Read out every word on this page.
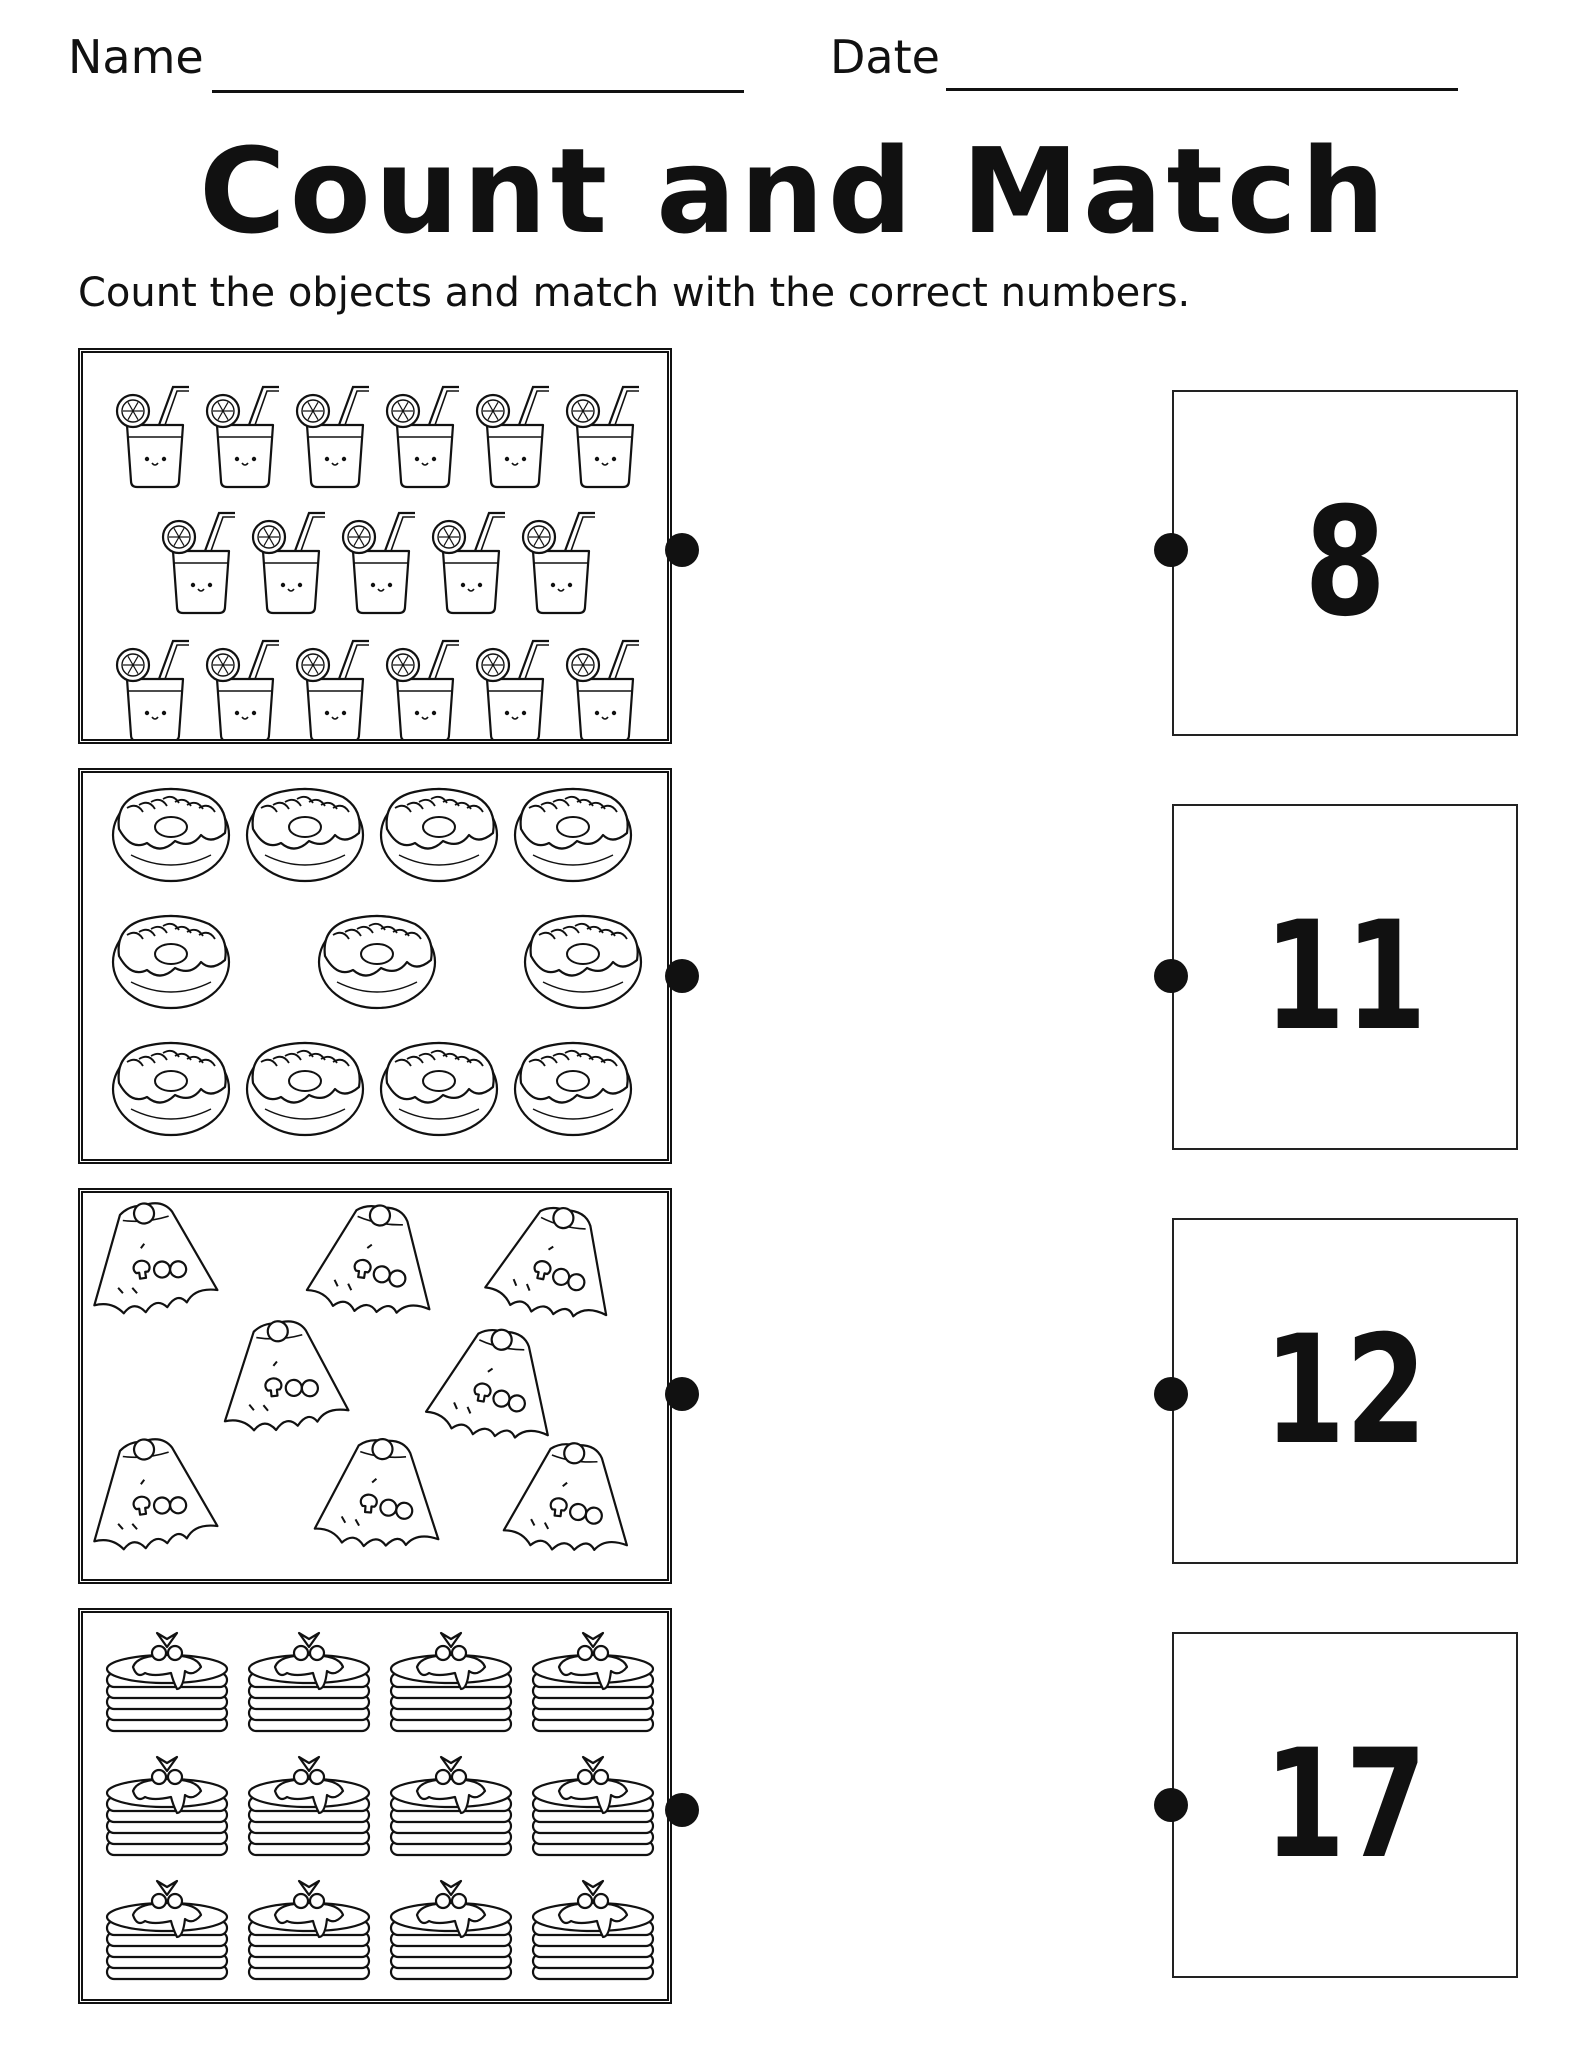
Name	Date
Count and Match
Count the objects and match with the correct numbers.
8
11
12
17
